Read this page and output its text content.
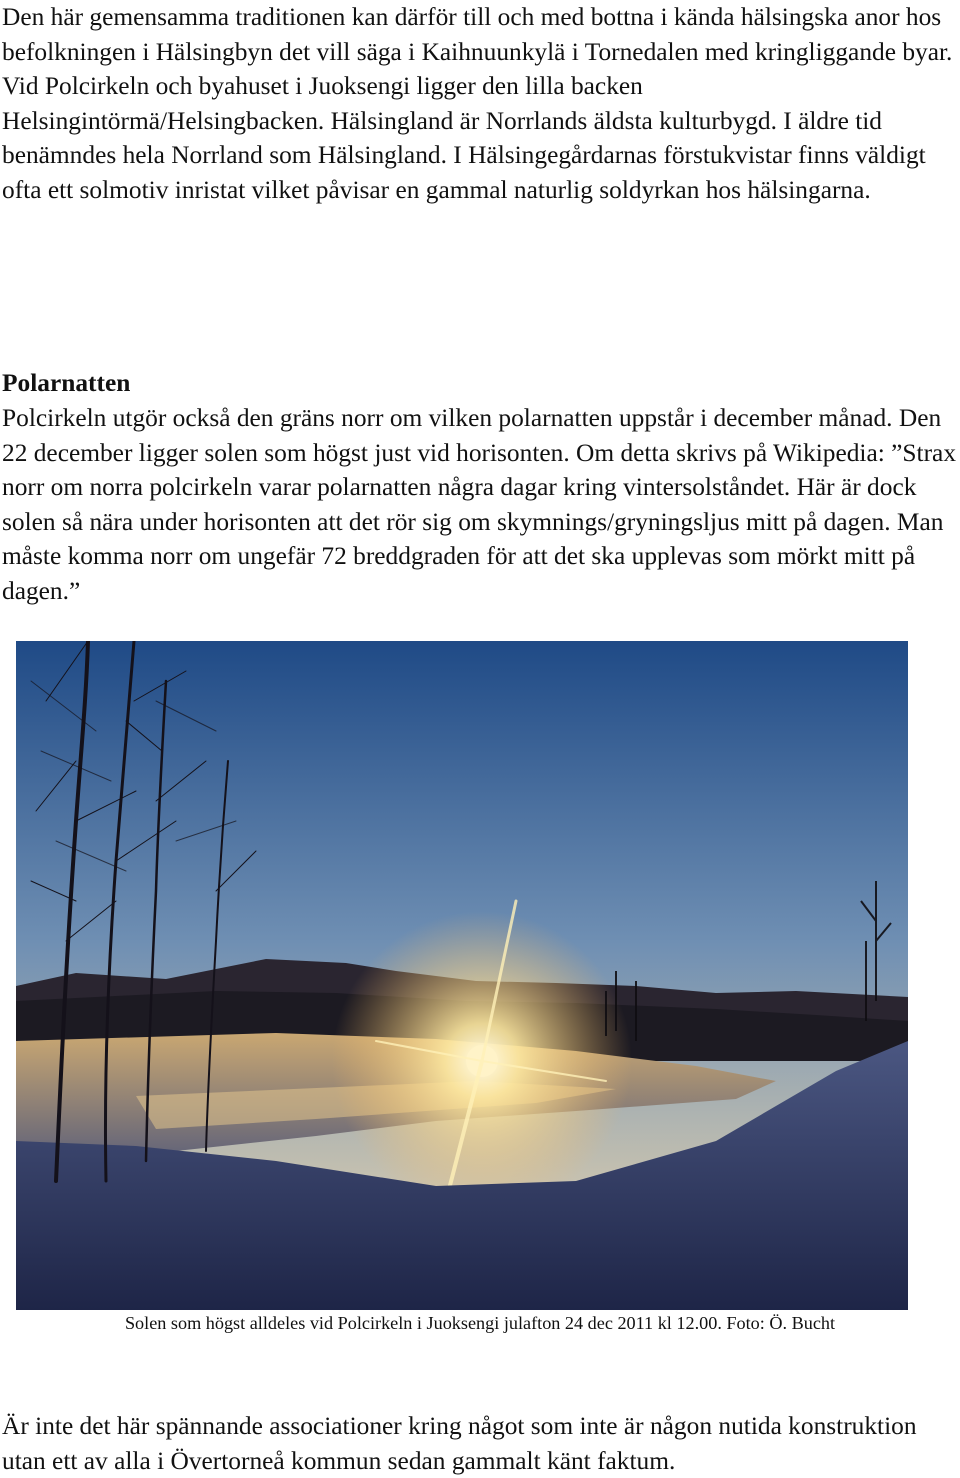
Den här gemensamma traditionen kan därför till och med bottna i kända hälsingska anor hos befolkningen i Hälsingbyn det vill säga i Kaihnuunkylä i Tornedalen med kringliggande byar. Vid Polcirkeln och byahuset i Juoksengi ligger den lilla backen Helsingintörmä/Helsingbacken. Hälsingland är Norrlands äldsta kulturbygd. I äldre tid benämndes hela Norrland som Hälsingland. I Hälsingegårdarnas förstukvistar finns väldigt ofta ett solmotiv inristat vilket påvisar en gammal naturlig soldyrkan hos hälsingarna.

Polarnatten

Polcirkeln utgör också den gräns norr om vilken polarnatten uppstår i december månad. Den 22 december ligger solen som högst just vid horisonten. Om detta skrivs på Wikipedia: ”Strax norr om norra polcirkeln varar polarnatten några dagar kring vintersolståndet. Här är dock solen så nära under horisonten att det rör sig om skymnings/gryningsljus mitt på dagen. Man måste komma norr om ungefär 72 breddgraden för att det ska upplevas som mörkt mitt på dagen.”

Solen som högst alldeles vid Polcirkeln i Juoksengi julafton 24 dec 2011 kl 12.00. Foto: Ö. Bucht

Är inte det här spännande associationer kring något som inte är någon nutida konstruktion utan ett av alla i Övertorneå kommun sedan gammalt känt faktum.
